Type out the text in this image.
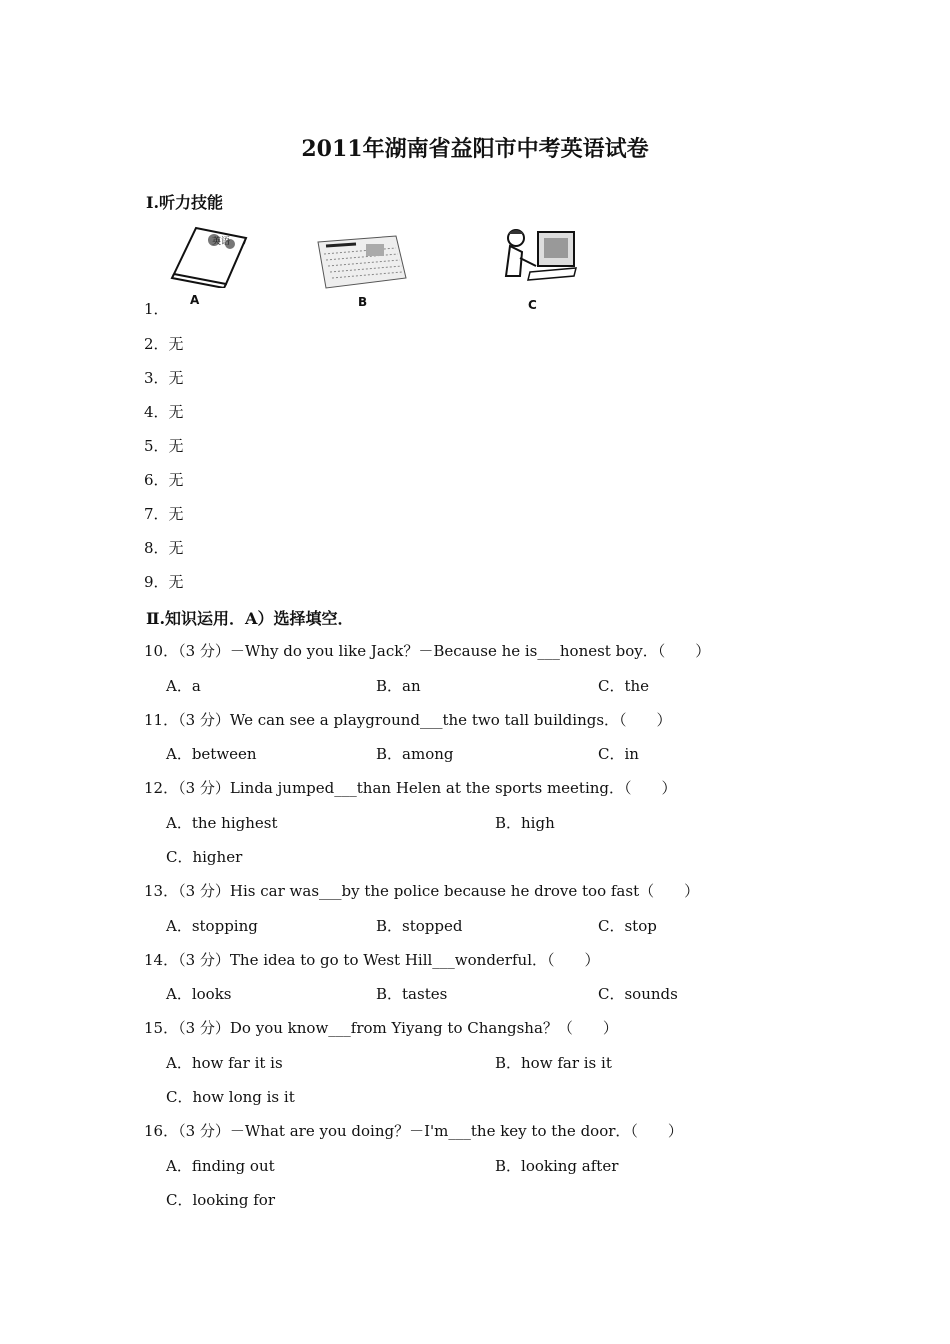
2011年湖南省益阳市中考英语试卷
Ⅰ.听力技能
1．
英语
A	B	C
2．无
3．无
4．无
5．无
6．无
7．无
8．无
9．无
Ⅱ.知识运用．A）选择填空．
10．（3 分）－Why do you like Jack？－Because he is___honest boy．（　　）
A．a	B．an	C．the
11．（3 分）We can see a playground___the two tall buildings．（　　）
A．between	B．among	C．in
12．（3 分）Linda jumped___than Helen at the sports meeting．（　　）
A．the highest	B．high
C．higher
13．（3 分）His car was___by the police because he drove too fast（　　）
A．stopping	B．stopped	C．stop
14．（3 分）The idea to go to West Hill___wonderful．（　　）
A．looks	B．tastes	C．sounds
15．（3 分）Do you know___from Yiyang to Changsha？（　　）
A．how far it is	B．how far is it
C．how long is it
16．（3 分）－What are you doing？－I'm___the key to the door．（　　）
A．finding out	B．looking after
C．looking for
